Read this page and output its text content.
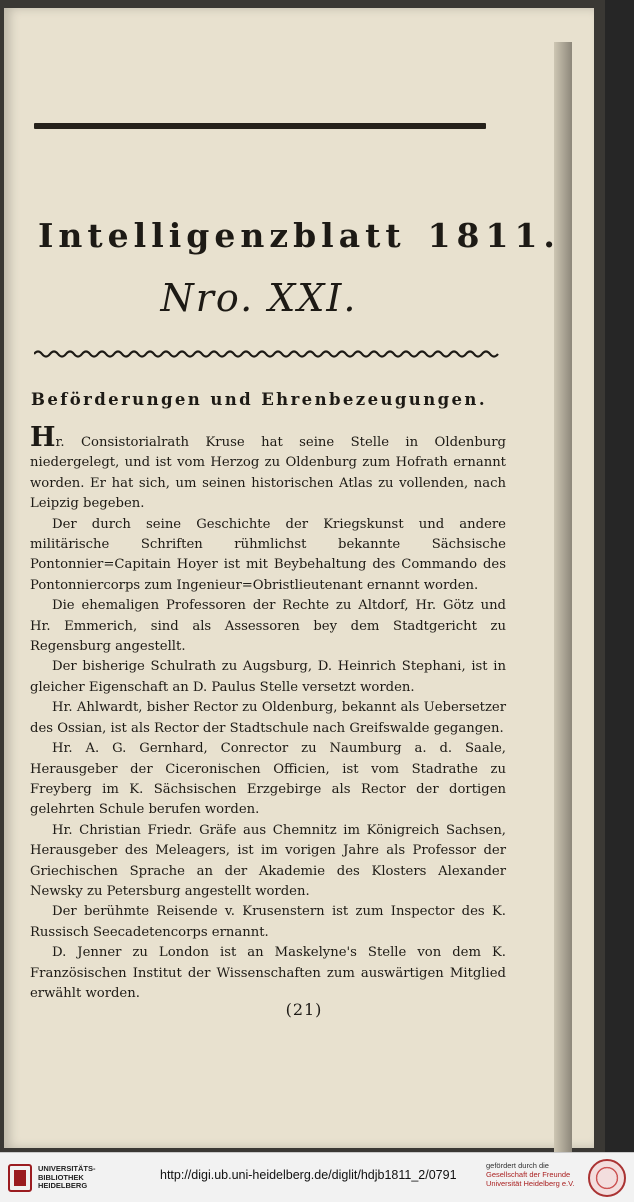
Intelligenzblatt 1811.
Nro. XXI.
Beförderungen und Ehrenbezeugungen.

Hr. Consistorialrath Kruse hat seine Stelle in Oldenburg niedergelegt, und ist vom Herzog zu Oldenburg zum Hofrath ernannt worden. Er hat sich, um seinen historischen Atlas zu vollenden, nach Leipzig begeben.

Der durch seine Geschichte der Kriegskunst und andere militärische Schriften rühmlichst bekannte Sächsische Pontonnier=Capitain Hoyer ist mit Beybehaltung des Commando des Pontonniercorps zum Ingenieur=Obristlieutenant ernannt worden.

Die ehemaligen Professoren der Rechte zu Altdorf, Hr. Götz und Hr. Emmerich, sind als Assessoren bey dem Stadtgericht zu Regensburg angestellt.

Der bisherige Schulrath zu Augsburg, D. Heinrich Stephani, ist in gleicher Eigenschaft an D. Paulus Stelle versetzt worden.

Hr. Ahlwardt, bisher Rector zu Oldenburg, bekannt als Uebersetzer des Ossian, ist als Rector der Stadtschule nach Greifswalde gegangen.

Hr. A. G. Gernhard, Conrector zu Naumburg a. d. Saale, Herausgeber der Ciceronischen Officien, ist vom Stadrathe zu Freyberg im K. Sächsischen Erzgebirge als Rector der dortigen gelehrten Schule berufen worden.

Hr. Christian Friedr. Gräfe aus Chemnitz im Königreich Sachsen, Herausgeber des Meleagers, ist im vorigen Jahre als Professor der Griechischen Sprache an der Akademie des Klosters Alexander Newsky zu Petersburg angestellt worden.

Der berühmte Reisende v. Krusenstern ist zum Inspector des K. Russisch Seecadetencorps ernannt.

D. Jenner zu London ist an Maskelyne's Stelle von dem K. Französischen Institut der Wissenschaften zum auswärtigen Mitglied erwählt worden.

(21)
UNIVERSITÄTS-
BIBLIOTHEK
HEIDELBERG
http://digi.ub.uni-heidelberg.de/diglit/hdjb1811_2/0791
gefördert durch die
Gesellschaft der Freunde
Universität Heidelberg e.V.
